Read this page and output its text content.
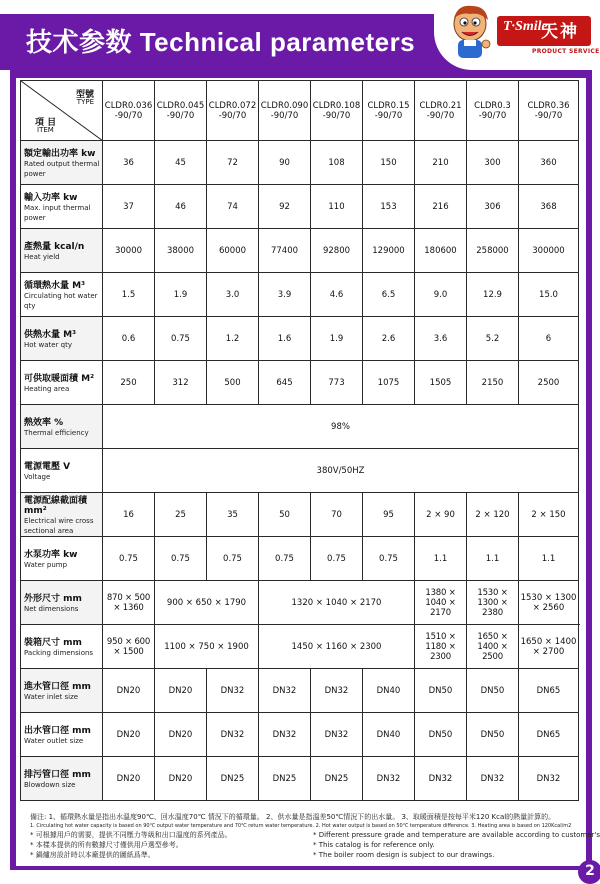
技术参数 Technical parameters
T·Smile
天神
PRODUCT SERVICE
型號
TYPE
項 目
ITEM	CLDR0.036 -90/70	CLDR0.045 -90/70	CLDR0.072 -90/70	CLDR0.090 -90/70	CLDR0.108 -90/70	CLDR0.15 -90/70	CLDR0.21 -90/70	CLDR0.3 -90/70	CLDR0.36 -90/70

額定輸出功率 kw
Rated output thermal power	36	45	72	90	108	150	210	300	360

輸入功率 kw
Max. input thermal power	37	46	74	92	110	153	216	306	368

產熱量 kcal/n
Heat yield	30000	38000	60000	77400	92800	129000	180600	258000	300000

循環熱水量 M³
Circulating hot water qty	1.5	1.9	3.0	3.9	4.6	6.5	9.0	12.9	15.0

供熱水量 M³
Hot water qty	0.6	0.75	1.2	1.6	1.9	2.6	3.6	5.2	6

可供取暖面積 M²
Heating area	250	312	500	645	773	1075	1505	2150	2500

熱效率 %
Thermal efficiency	98%								

電源電壓 V
Voltage	380V/50HZ								

電源配線截面積 mm²
Electrical wire cross sectional area	16	25	35	50	70	95	2 × 90	2 × 120	2 × 150

水泵功率 kw
Water pump	0.75	0.75	0.75	0.75	0.75	0.75	1.1	1.1	1.1

外形尺寸 mm
Net dimensions	870 × 500 × 1360	900 × 650 × 1790		1320 × 1040 × 2170			1380 × 1040 × 2170	1530 × 1300 × 2380	1530 × 1300 × 2560

裝箱尺寸 mm
Packing dimensions	950 × 600 × 1500	1100 × 750 × 1900		1450 × 1160 × 2300			1510 × 1180 × 2300	1650 × 1400 × 2500	1650 × 1400 × 2700

進水管口徑 mm
Water inlet size	DN20	DN20	DN32	DN32	DN32	DN40	DN50	DN50	DN65

出水管口徑 mm
Water outlet size	DN20	DN20	DN32	DN32	DN32	DN40	DN50	DN50	DN65

排污管口徑 mm
Blowdown size	DN20	DN20	DN25	DN25	DN25	DN32	DN32	DN32	DN32
備注: 1、循環熱水量是指出水溫度90℃、回水溫度70℃ 情況下的循環量。 2、供水量是指溫差50℃情況下的出水量。 3、取暖面積是按每平米120 Kcal的熱量計算的。
1. Circulating hot water capacity is based on 90℃ output water temperature and 70℃ return water temperature. 2. Hot water output is based on 50℃ temperature difference. 3. Heating area is based on 120Kcal/m2
* 可根據用戶的需要，提供不同壓力等級和出口溫度的系列產品。
* 本樣本提供的所有數據尺寸僅供用戶選型參考。
* 鍋爐房設計時以本廠提供的圖紙爲準。
* Different pressure grade and temperature are available according to customer's
* This catalog is for reference only.
* The boiler room design is subject to our drawings.
2
